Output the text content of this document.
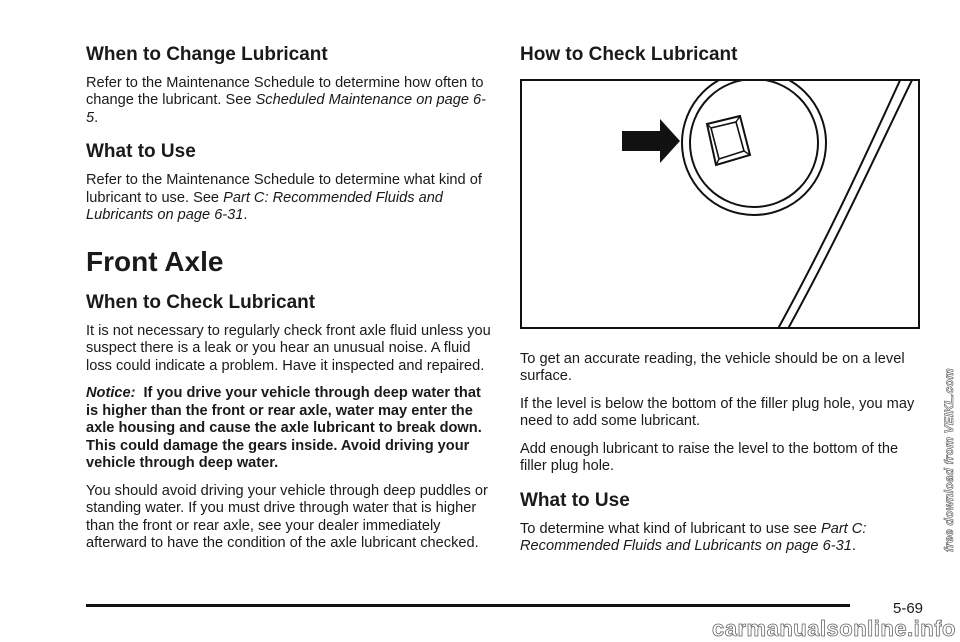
When to Change Lubricant

Refer to the Maintenance Schedule to determine how often to change the lubricant. See Scheduled Maintenance on page 6-5.

What to Use

Refer to the Maintenance Schedule to determine what kind of lubricant to use. See Part C: Recommended Fluids and Lubricants on page 6-31.

Front Axle
When to Check Lubricant

It is not necessary to regularly check front axle fluid unless you suspect there is a leak or you hear an unusual noise. A fluid loss could indicate a problem. Have it inspected and repaired.

Notice: If you drive your vehicle through deep water that is higher than the front or rear axle, water may enter the axle housing and cause the axle lubricant to break down. This could damage the gears inside. Avoid driving your vehicle through deep water.

You should avoid driving your vehicle through deep puddles or standing water. If you must drive through water that is higher than the front or rear axle, see your dealer immediately afterward to have the condition of the axle lubricant checked.

How to Check Lubricant

To get an accurate reading, the vehicle should be on a level surface.

If the level is below the bottom of the filler plug hole, you may need to add some lubricant.

Add enough lubricant to raise the level to the bottom of the filler plug hole.

What to Use

To determine what kind of lubricant to use see Part C: Recommended Fluids and Lubricants on page 6-31.

5-69
free download from VEIKL.com
carmanualsonline.info
